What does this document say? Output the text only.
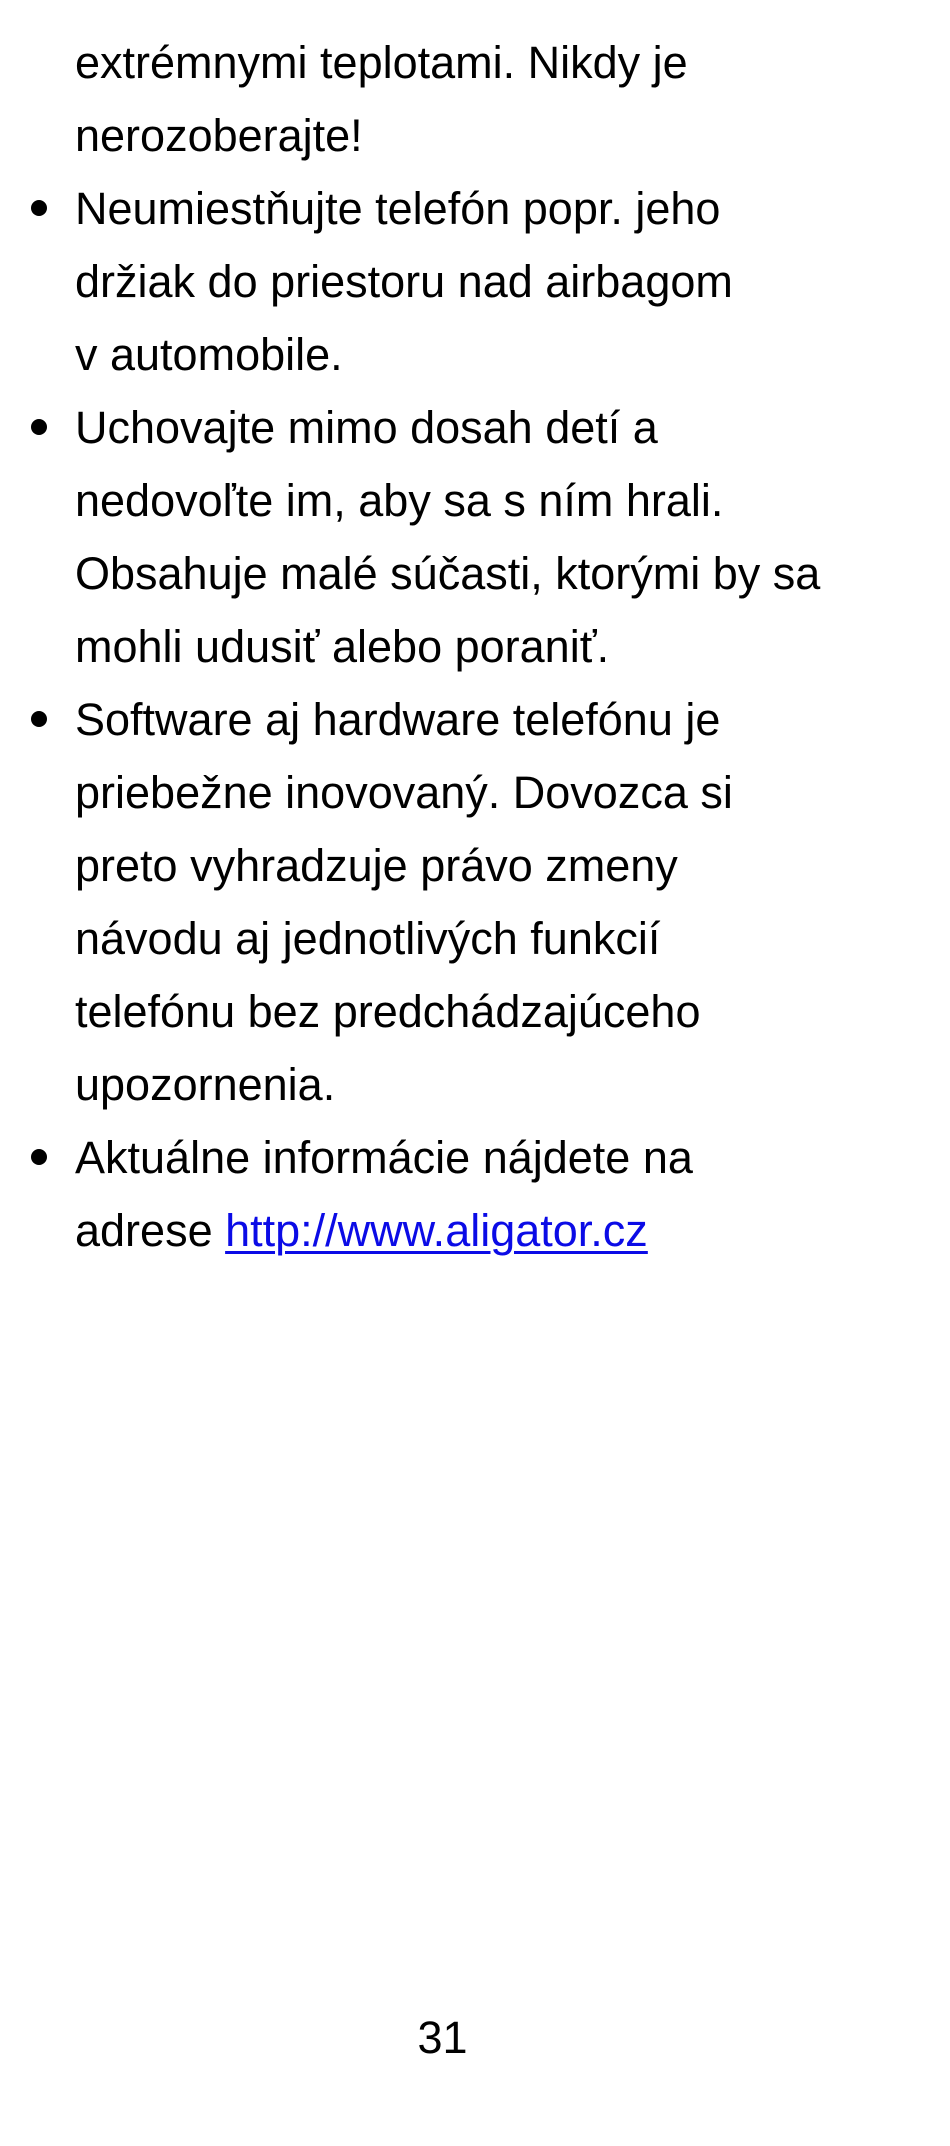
extrémnymi teplotami. Nikdy je
nerozoberajte!

Neumiestňujte telefón popr. jeho
držiak do priestoru nad airbagom
v automobile.
Uchovajte mimo dosah detí a
nedovoľte im, aby sa s ním hrali.
Obsahuje malé súčasti, ktorými by sa
mohli udusiť alebo poraniť.
Software aj hardware telefónu je
priebežne inovovaný. Dovozca si
preto vyhradzuje právo zmeny
návodu aj jednotlivých funkcií
telefónu bez predchádzajúceho
upozornenia.
Aktuálne informácie nájdete na
adrese http://www.aligator.cz
31
